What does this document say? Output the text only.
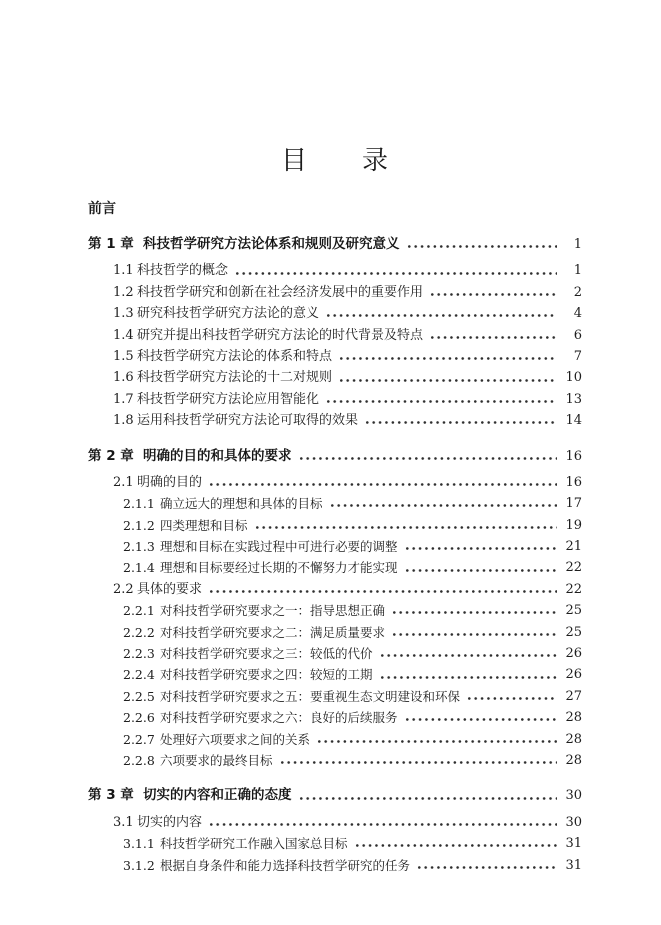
目　　录
前言
第 1 章 科技哲学研究方法论体系和规则及研究意义	1
1.1 科技哲学的概念	1
1.2 科技哲学研究和创新在社会经济发展中的重要作用	2
1.3 研究科技哲学研究方法论的意义	4
1.4 研究并提出科技哲学研究方法论的时代背景及特点	6
1.5 科技哲学研究方法论的体系和特点	7
1.6 科技哲学研究方法论的十二对规则	10
1.7 科技哲学研究方法论应用智能化	13
1.8 运用科技哲学研究方法论可取得的效果	14
第 2 章 明确的目的和具体的要求	16
2.1 明确的目的	16
2.1.1 确立远大的理想和具体的目标	17
2.1.2 四类理想和目标	19
2.1.3 理想和目标在实践过程中可进行必要的调整	21
2.1.4 理想和目标要经过长期的不懈努力才能实现	22
2.2 具体的要求	22
2.2.1 对科技哲学研究要求之一：指导思想正确	25
2.2.2 对科技哲学研究要求之二：满足质量要求	25
2.2.3 对科技哲学研究要求之三：较低的代价	26
2.2.4 对科技哲学研究要求之四：较短的工期	26
2.2.5 对科技哲学研究要求之五：要重视生态文明建设和环保	27
2.2.6 对科技哲学研究要求之六：良好的后续服务	28
2.2.7 处理好六项要求之间的关系	28
2.2.8 六项要求的最终目标	28
第 3 章 切实的内容和正确的态度	30
3.1 切实的内容	30
3.1.1 科技哲学研究工作融入国家总目标	31
3.1.2 根据自身条件和能力选择科技哲学研究的任务	31
